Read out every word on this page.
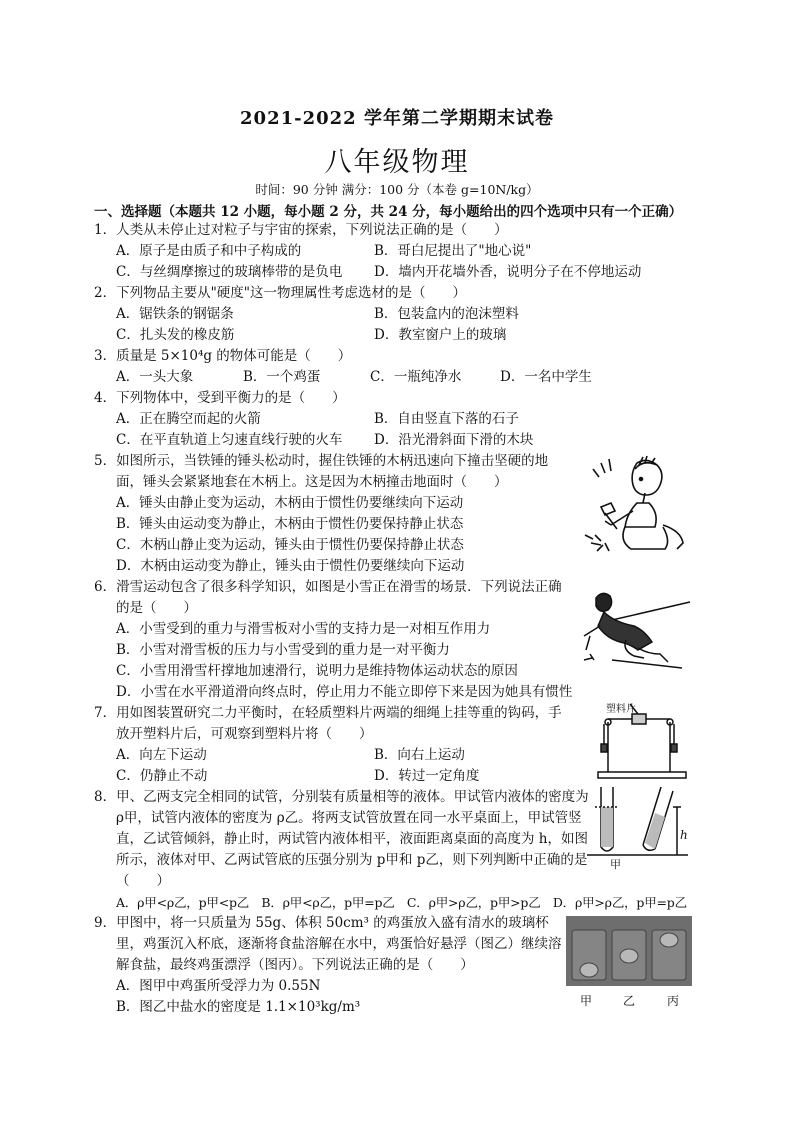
2021-2022 学年第二学期期末试卷
八年级物理
时间：90 分钟 满分：100 分（本卷 g=10N/kg）
一、选择题（本题共 12 小题，每小题 2 分，共 24 分，每小题给出的四个选项中只有一个正确）
1．人类从未停止过对粒子与宇宙的探索，下列说法正确的是（　　）
A．原子是由质子和中子构成的	B．哥白尼提出了"地心说"
C．与丝绸摩擦过的玻璃棒带的是负电	D．墙内开花墙外香，说明分子在不停地运动
2．下列物品主要从"硬度"这一物理属性考虑选材的是（　　）
A．锯铁条的钢锯条	B．包装盒内的泡沫塑料
C．扎头发的橡皮筋	D．教室窗户上的玻璃
3．质量是 5×10⁴g 的物体可能是（　　）
A．一头大象	B．一个鸡蛋	C．一瓶纯净水	D．一名中学生
4．下列物体中，受到平衡力的是（　　）
A．正在腾空而起的火箭	B．自由竖直下落的石子
C．在平直轨道上匀速直线行驶的火车	D．沿光滑斜面下滑的木块
5．如图所示，当铁锤的锤头松动时，握住铁锤的木柄迅速向下撞击坚硬的地面，锤头会紧紧地套在木柄上。这是因为木柄撞击地面时（　　）
A．锤头由静止变为运动，木柄由于惯性仍要继续向下运动
B．锤头由运动变为静止，木柄由于惯性仍要保持静止状态
C．木柄山静止变为运动，锤头由于惯性仍要保持静止状态
D．木柄由运动变为静止，锤头由于惯性仍要继续向下运动
6．滑雪运动包含了很多科学知识，如图是小雪正在滑雪的场景．下列说法正确的是（　　）
A．小雪受到的重力与滑雪板对小雪的支持力是一对相互作用力
B．小雪对滑雪板的压力与小雪受到的重力是一对平衡力
C．小雪用滑雪杆撑地加速滑行，说明力是维持物体运动状态的原因
D．小雪在水平滑道滑向终点时，停止用力不能立即停下来是因为她具有惯性
7．用如图装置研究二力平衡时，在轻质塑料片两端的细绳上挂等重的钩码，手放开塑料片后，可观察到塑料片将（　　）
A．向左下运动	B．向右上运动
C．仍静止不动	D．转过一定角度
8．甲、乙两支完全相同的试管，分别装有质量相等的液体。甲试管内液体的密度为 ρ甲，试管内液体的密度为 ρ乙。将两支试管放置在同一水平桌面上，甲试管竖直，乙试管倾斜，静止时，两试管内液体相平，液面距离桌面的高度为 h，如图所示，液体对甲、乙两试管底的压强分别为 p甲和 p乙，则下列判断中正确的是（　　）
A．ρ甲<ρ乙，p甲<p乙　B．ρ甲<ρ乙，p甲=p乙　C．ρ甲>ρ乙，p甲>p乙　D．ρ甲>ρ乙，p甲=p乙
9．甲图中，将一只质量为 55g、体积 50cm³ 的鸡蛋放入盛有清水的玻璃杯里，鸡蛋沉入杯底，逐渐将食盐溶解在水中，鸡蛋恰好悬浮（图乙）继续溶解食盐，最终鸡蛋漂浮（图丙）。下列说法正确的是（　　）
A．图甲中鸡蛋所受浮力为 0.55N
B．图乙中盐水的密度是 1.1×10³kg/m³
塑料片
h
甲
甲	乙	丙
